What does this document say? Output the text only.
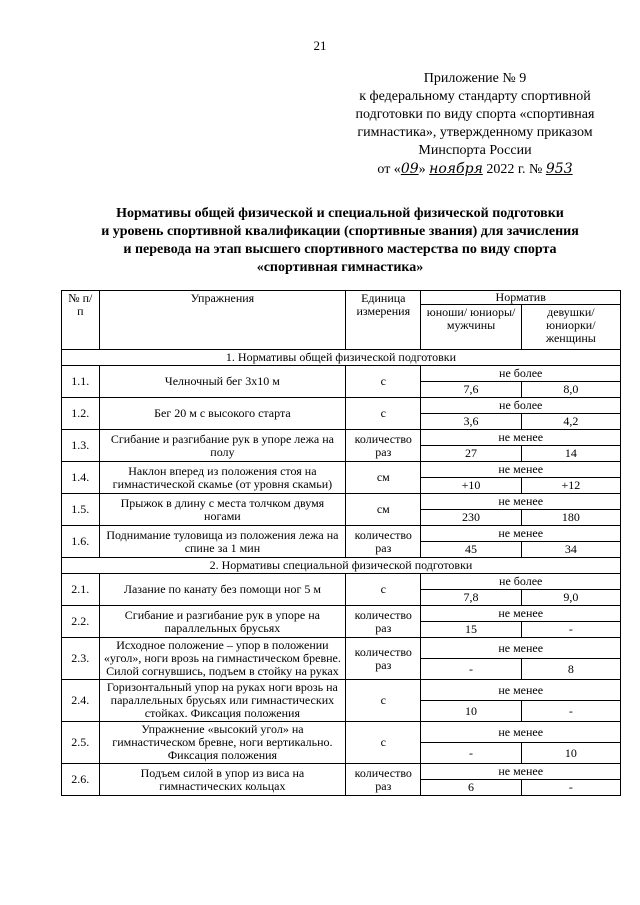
21
Приложение № 9
к федеральному стандарту спортивной
подготовки по виду спорта «спортивная
гимнастика», утвержденному приказом
Минспорта России
от «09» ноября 2022 г. № 953
Нормативы общей физической и специальной физической подготовки
и уровень спортивной квалификации (спортивные звания) для зачисления
и перевода на этап высшего спортивного мастерства по виду спорта
«спортивная гимнастика»
№ п/п	Упражнения	Единица измерения	Норматив	
			юноши/ юниоры/ мужчины	девушки/ юниорки/ женщины
1. Нормативы общей физической подготовки				
1.1.	Челночный бег 3x10 м	с	не более	
			7,6	8,0
1.2.	Бег 20 м с высокого старта	с	не более	
			3,6	4,2
1.3.	Сгибание и разгибание рук в упоре лежа на полу	количество раз	не менее	
			27	14
1.4.	Наклон вперед из положения стоя на гимнастической скамье (от уровня скамьи)	см	не менее	
			+10	+12
1.5.	Прыжок в длину с места толчком двумя ногами	см	не менее	
			230	180
1.6.	Поднимание туловища из положения лежа на спине за 1 мин	количество раз	не менее	
			45	34
2. Нормативы специальной физической подготовки				
2.1.	Лазание по канату без помощи ног 5 м	с	не более	
			7,8	9,0
2.2.	Сгибание и разгибание рук в упоре на параллельных брусьях	количество раз	не менее	
			15	-
2.3.	Исходное положение – упор в положении «угол», ноги врозь на гимнастическом бревне. Силой согнувшись, подъем в стойку на руках	количество раз	не менее	
			-	8
2.4.	Горизонтальный упор на руках ноги врозь на параллельных брусьях или гимнастических стойках. Фиксация положения	с	не менее	
			10	-
2.5.	Упражнение «высокий угол» на гимнастическом бревне, ноги вертикально. Фиксация положения	с	не менее	
			-	10
2.6.	Подъем силой в упор из виса на гимнастических кольцах	количество раз	не менее	
			6	-
